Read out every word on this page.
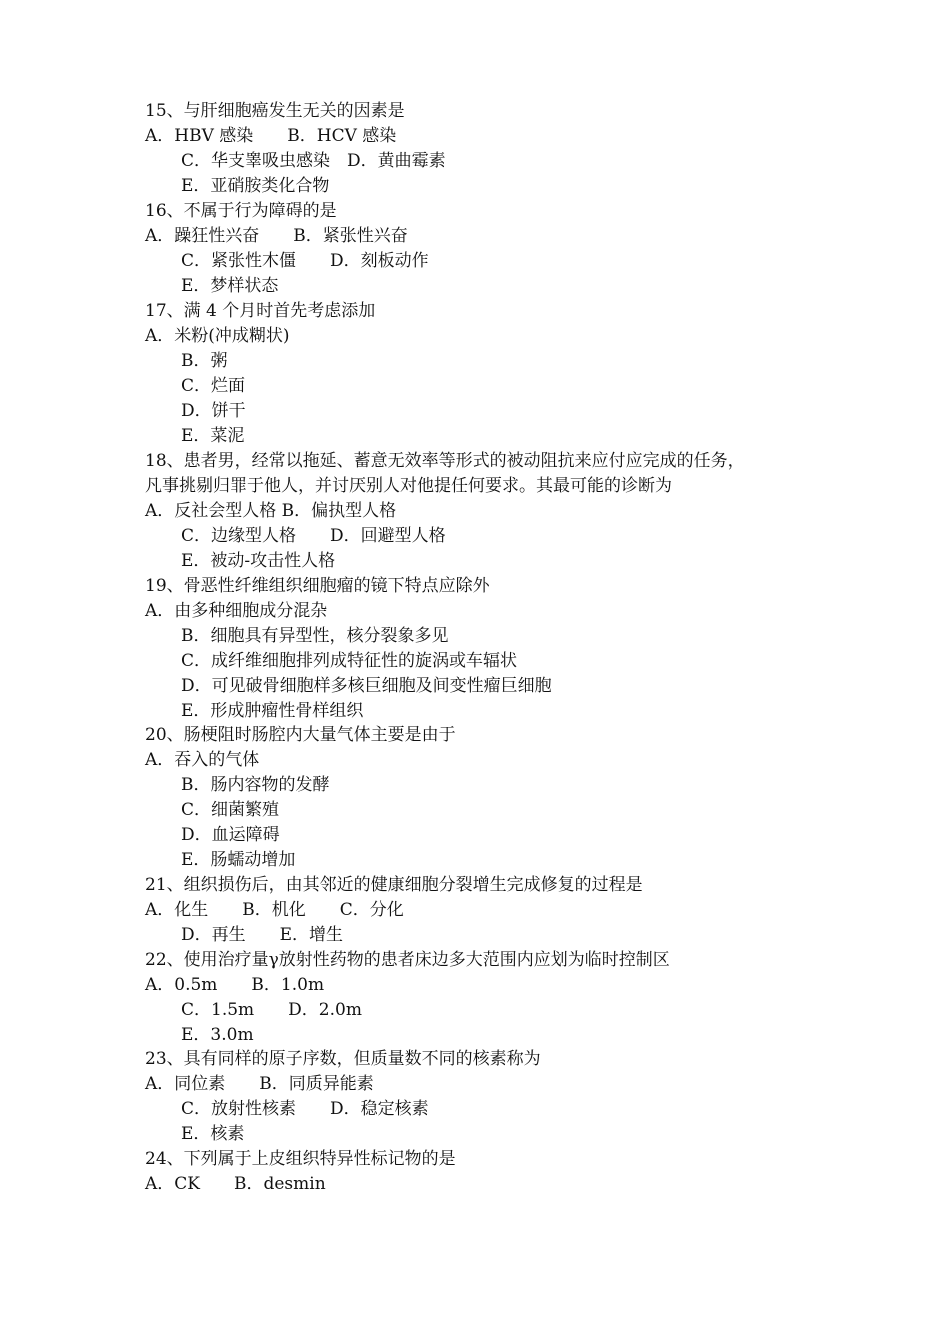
15、与肝细胞癌发生无关的因素是

A．HBV 感染　　B．HCV 感染

C．华支睾吸虫感染　D．黄曲霉素

E．亚硝胺类化合物

16、不属于行为障碍的是

A．躁狂性兴奋　　B．紧张性兴奋

C．紧张性木僵　　D．刻板动作

E．梦样状态

17、满 4 个月时首先考虑添加

A．米粉(冲成糊状)

B．粥

C．烂面

D．饼干

E．菜泥

18、患者男，经常以拖延、蓄意无效率等形式的被动阻抗来应付应完成的任务，

凡事挑剔归罪于他人，并讨厌别人对他提任何要求。其最可能的诊断为

A．反社会型人格 B．偏执型人格

C．边缘型人格　　D．回避型人格

E．被动-攻击性人格

19、骨恶性纤维组织细胞瘤的镜下特点应除外

A．由多种细胞成分混杂

B．细胞具有异型性，核分裂象多见

C．成纤维细胞排列成特征性的旋涡或车辐状

D．可见破骨细胞样多核巨细胞及间变性瘤巨细胞

E．形成肿瘤性骨样组织

20、肠梗阻时肠腔内大量气体主要是由于

A．吞入的气体

B．肠内容物的发酵

C．细菌繁殖

D．血运障碍

E．肠蠕动增加

21、组织损伤后，由其邻近的健康细胞分裂增生完成修复的过程是

A．化生　　B．机化　　C．分化

D．再生　　E．增生

22、使用治疗量γ放射性药物的患者床边多大范围内应划为临时控制区

A．0.5m　　B．1.0m

C．1.5m　　D．2.0m

E．3.0m

23、具有同样的原子序数，但质量数不同的核素称为

A．同位素　　B．同质异能素

C．放射性核素　　D．稳定核素

E．核素

24、下列属于上皮组织特异性标记物的是

A．CK　　B．desmin
